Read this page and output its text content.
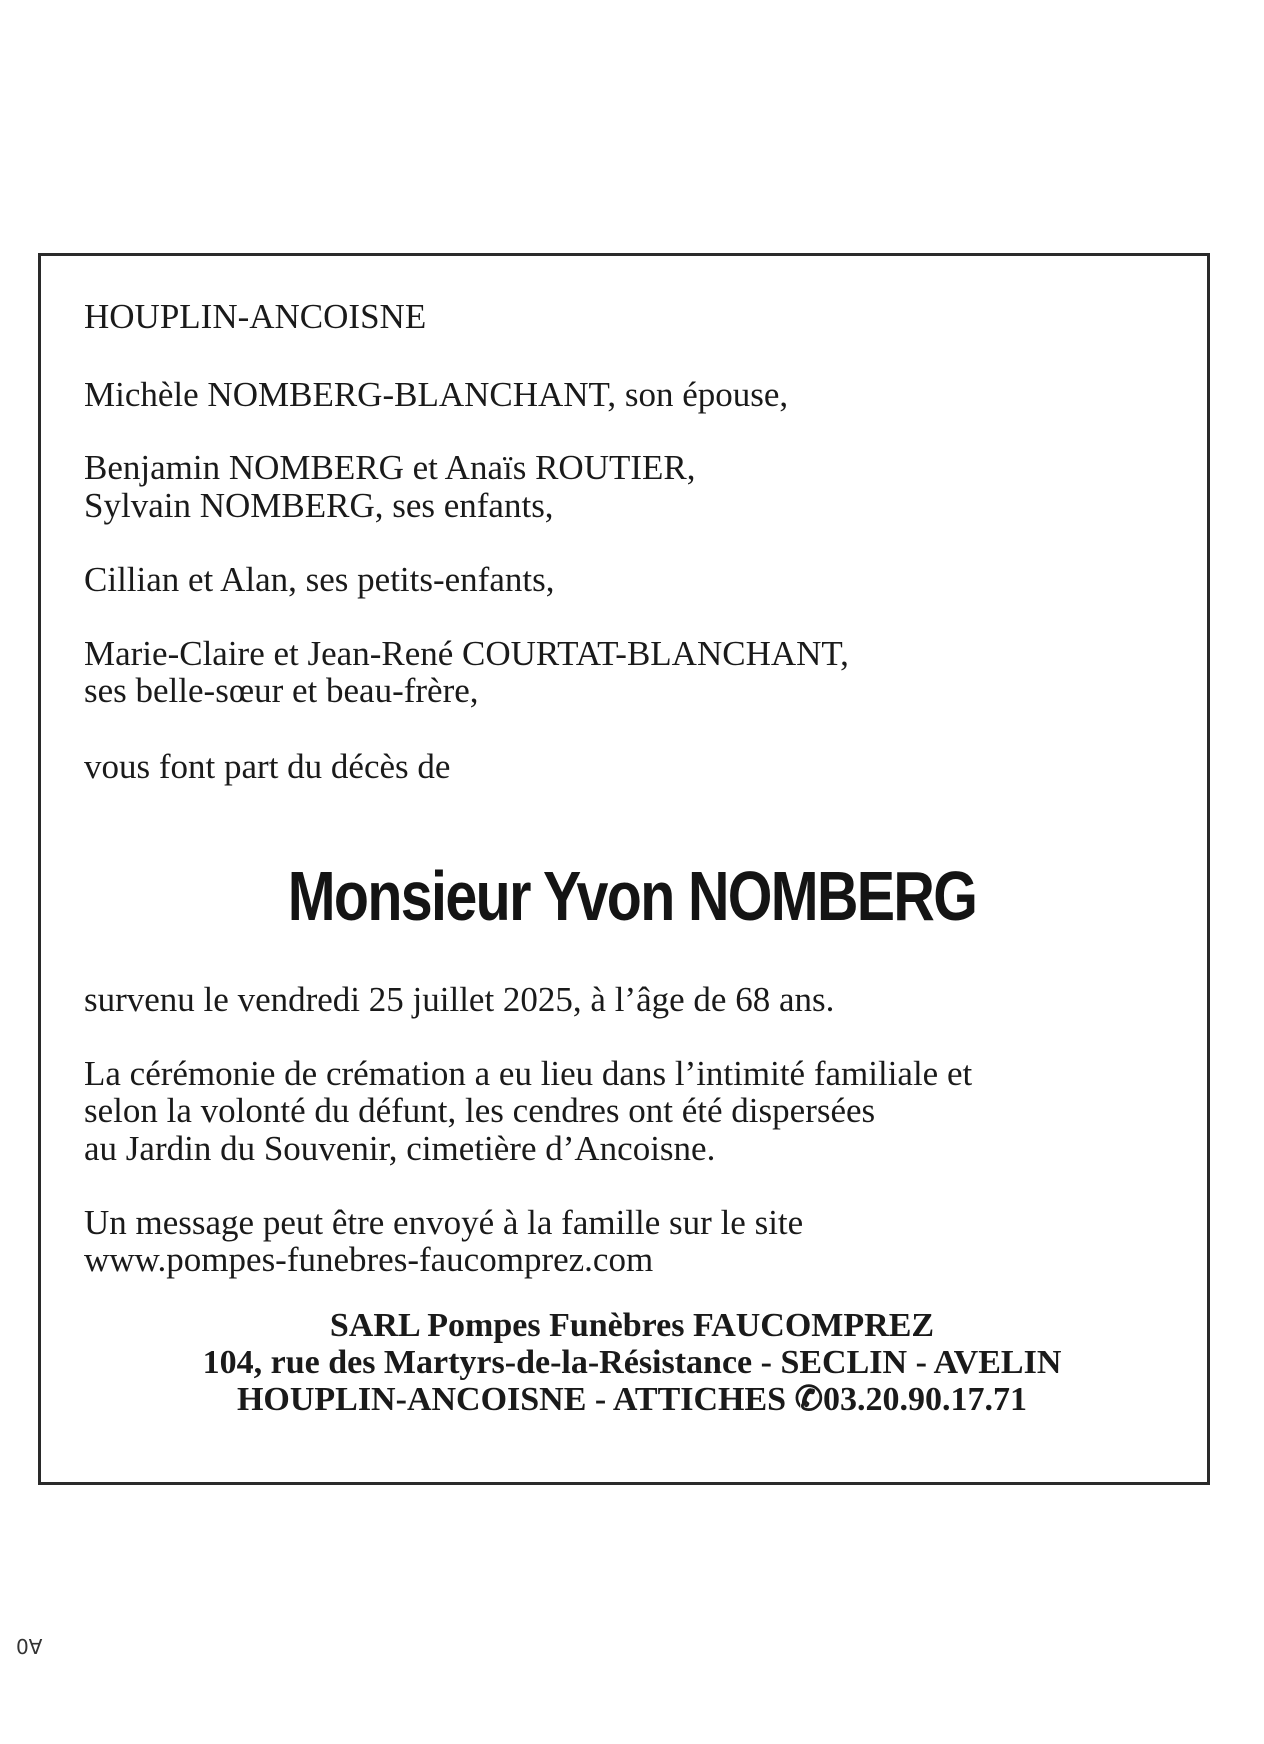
HOUPLIN-ANCOISNE

Michèle NOMBERG-BLANCHANT, son épouse,

Benjamin NOMBERG et Anaïs ROUTIER,

Sylvain NOMBERG, ses enfants,

Cillian et Alan, ses petits-enfants,

Marie-Claire et Jean-René COURTAT-BLANCHANT,

ses belle-sœur et beau-frère,

vous font part du décès de

Monsieur Yvon NOMBERG

survenu le vendredi 25 juillet 2025, à l’âge de 68 ans.

La cérémonie de crémation a eu lieu dans l’intimité familiale et

selon la volonté du défunt, les cendres ont été dispersées

au Jardin du Souvenir, cimetière d’Ancoisne.

Un message peut être envoyé à la famille sur le site

www.pompes-funebres-faucomprez.com

SARL Pompes Funèbres FAUCOMPREZ

104, rue des Martyrs-de-la-Résistance - SECLIN - AVELIN

HOUPLIN-ANCOISNE - ATTICHES ✆03.20.90.17.71

A0
